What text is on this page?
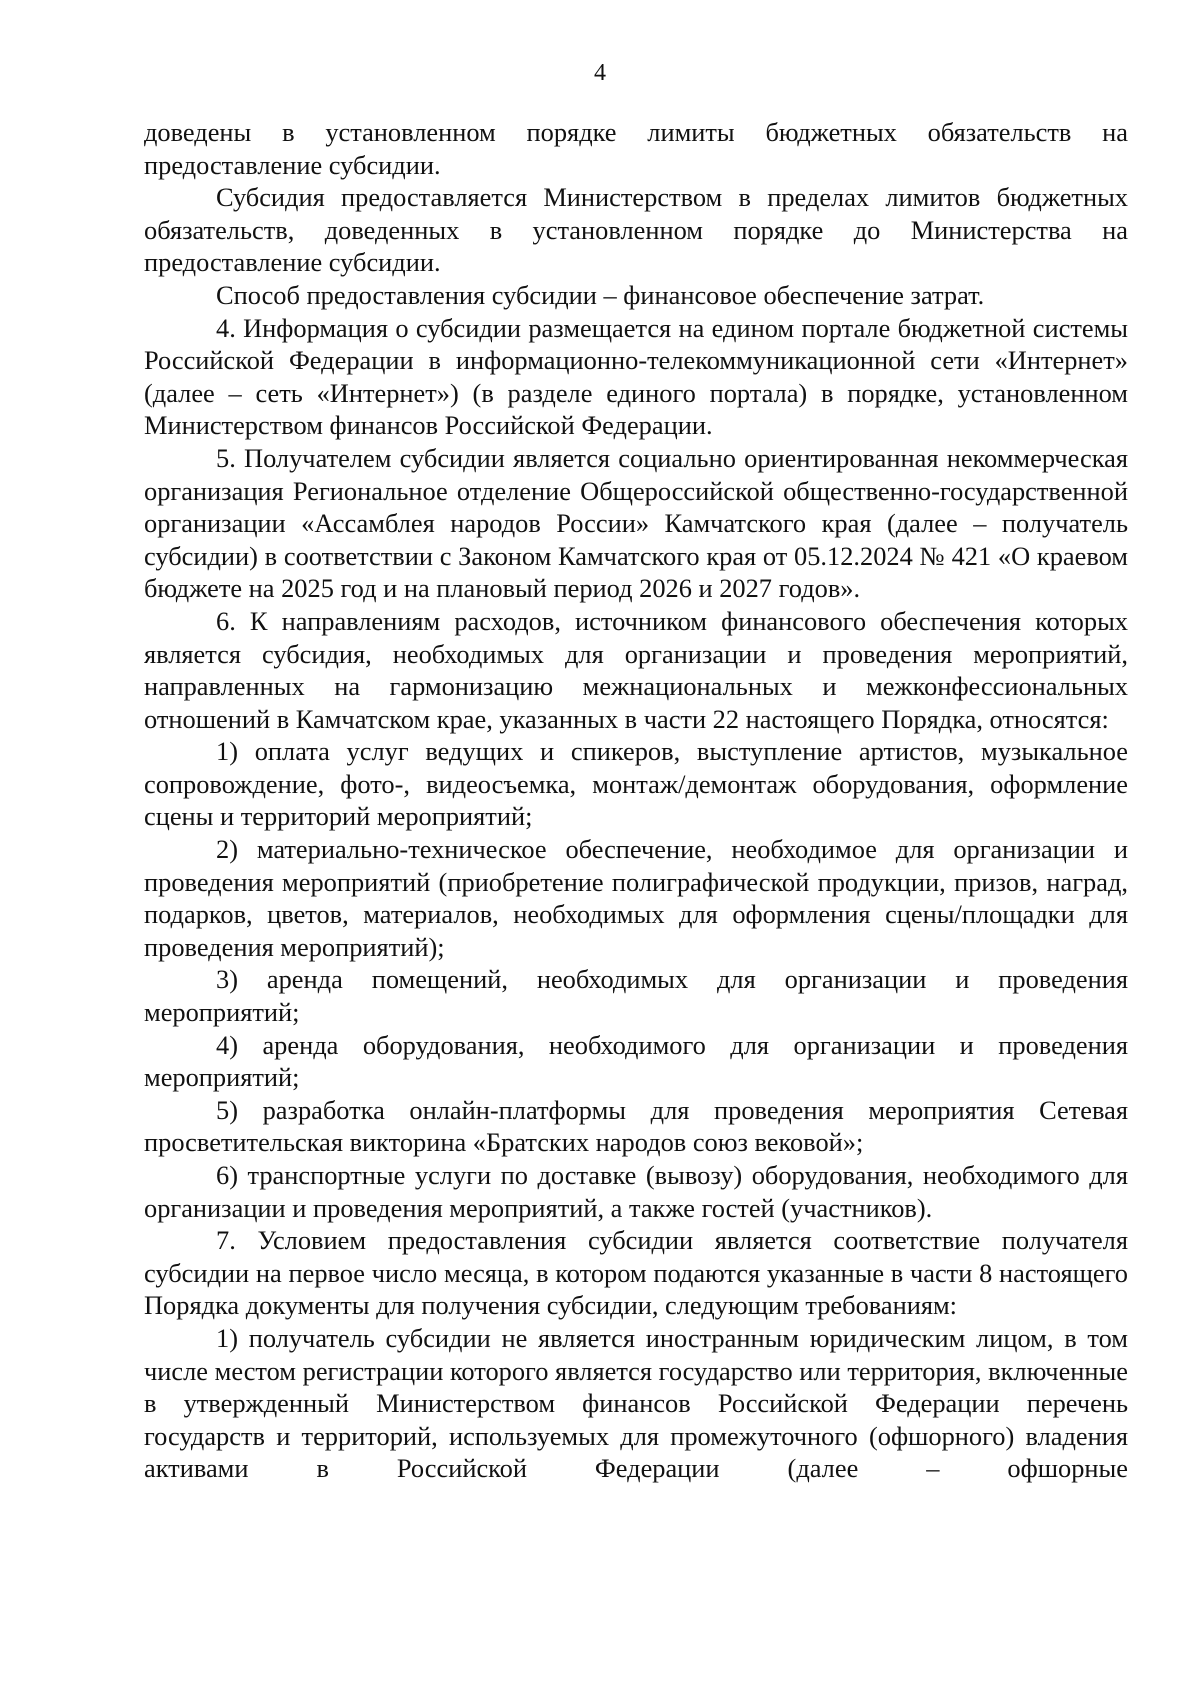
4

доведены в установленном порядке лимиты бюджетных обязательств на предоставление субсидии.

Субсидия предоставляется Министерством в пределах лимитов бюджетных обязательств, доведенных в установленном порядке до Министерства на предоставление субсидии.

Способ предоставления субсидии – финансовое обеспечение затрат.

4. Информация о субсидии размещается на едином портале бюджетной системы Российской Федерации в информационно-телекоммуникационной сети «Интернет» (далее – сеть «Интернет») (в разделе единого портала) в порядке, установленном Министерством финансов Российской Федерации.

5. Получателем субсидии является социально ориентированная некоммерческая организация Региональное отделение Общероссийской общественно-государственной организации «Ассамблея народов России» Камчатского края (далее – получатель субсидии) в соответствии с Законом Камчатского края от 05.12.2024 № 421 «О краевом бюджете на 2025 год и на плановый период 2026 и 2027 годов».

6. К направлениям расходов, источником финансового обеспечения которых является субсидия, необходимых для организации и проведения мероприятий, направленных на гармонизацию межнациональных и межконфессиональных отношений в Камчатском крае, указанных в части 22 настоящего Порядка, относятся:

1) оплата услуг ведущих и спикеров, выступление артистов, музыкальное сопровождение, фото-, видеосъемка, монтаж/демонтаж оборудования, оформление сцены и территорий мероприятий;

2) материально-техническое обеспечение, необходимое для организации и проведения мероприятий (приобретение полиграфической продукции, призов, наград, подарков, цветов, материалов, необходимых для оформления сцены/площадки для проведения мероприятий);

3) аренда помещений, необходимых для организации и проведения мероприятий;

4) аренда оборудования, необходимого для организации и проведения мероприятий;

5) разработка онлайн-платформы для проведения мероприятия Сетевая просветительская викторина «Братских народов союз вековой»;

6) транспортные услуги по доставке (вывозу) оборудования, необходимого для организации и проведения мероприятий, а также гостей (участников).

7. Условием предоставления субсидии является соответствие получателя субсидии на первое число месяца, в котором подаются указанные в части 8 настоящего Порядка документы для получения субсидии, следующим требованиям:

1) получатель субсидии не является иностранным юридическим лицом, в том числе местом регистрации которого является государство или территория, включенные в утвержденный Министерством финансов Российской Федерации перечень государств и территорий, используемых для промежуточного (офшорного) владения активами в Российской Федерации (далее – офшорные
